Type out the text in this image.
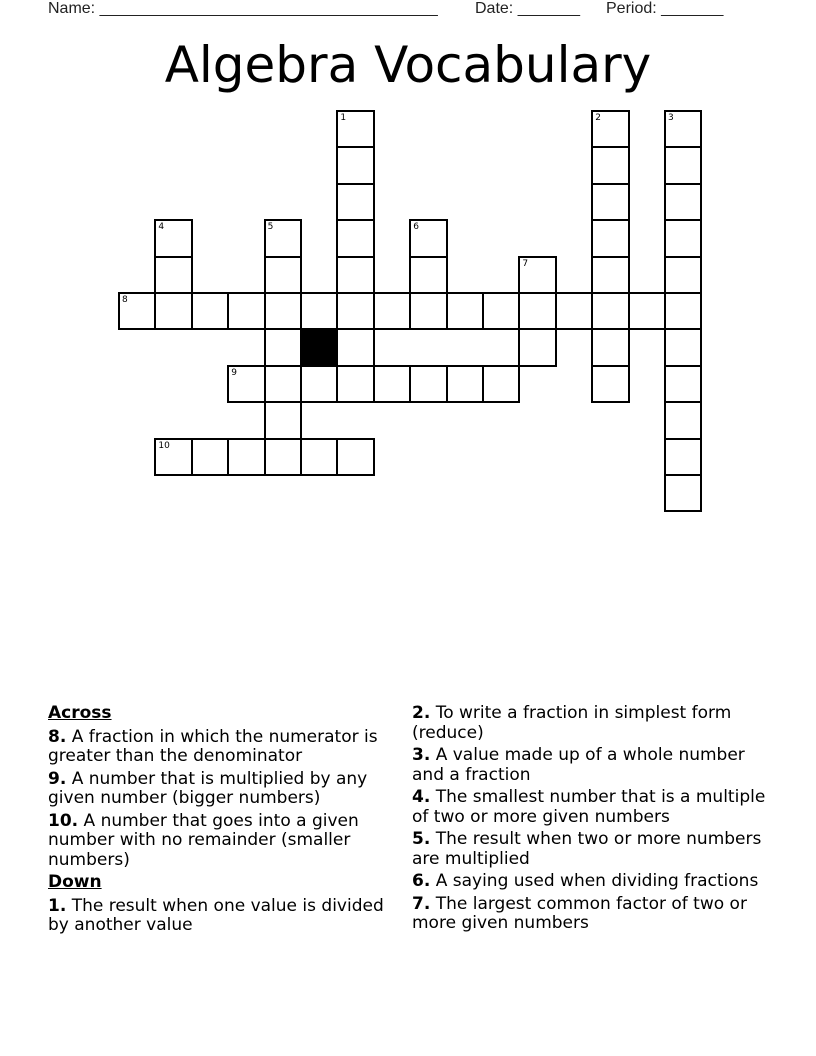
Name: ______________________________________ Date: _______ Period: _______
Algebra Vocabulary
1	2	3
4	5	6
7
8
9
10
Across
8. A fraction in which the numerator is greater than the denominator
9. A number that is multiplied by any given number (bigger numbers)
10. A number that goes into a given number with no remainder (smaller numbers)
Down
1. The result when one value is divided by another value
2. To write a fraction in simplest form (reduce)
3. A value made up of a whole number and a fraction
4. The smallest number that is a multiple of two or more given numbers
5. The result when two or more numbers are multiplied
6. A saying used when dividing fractions
7. The largest common factor of two or more given numbers
